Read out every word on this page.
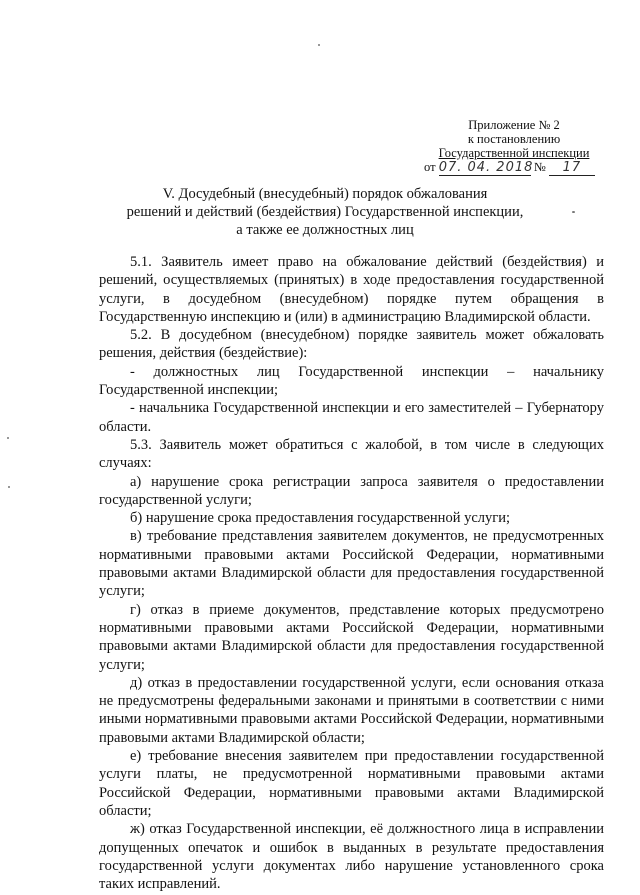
Приложение № 2
к постановлению
Государственной инспекции
от 07. 04. 2018 № 17
V. Досудебный (внесудебный) порядок обжалования
решений и действий (бездействия) Государственной инспекции,
а также ее должностных лиц

5.1. Заявитель имеет право на обжалование действий (бездействия) и решений, осуществляемых (принятых) в ходе предоставления государственной услуги, в досудебном (внесудебном) порядке путем обращения в Государственную инспекцию и (или) в администрацию Владимирской области.

5.2. В досудебном (внесудебном) порядке заявитель может обжаловать решения, действия (бездействие):

- должностных лиц Государственной инспекции – начальнику Государственной инспекции;

- начальника Государственной инспекции и его заместителей – Губернатору области.

5.3. Заявитель может обратиться с жалобой, в том числе в следующих случаях:

а) нарушение срока регистрации запроса заявителя о предоставлении государственной услуги;

б) нарушение срока предоставления государственной услуги;

в) требование представления заявителем документов, не предусмотренных нормативными правовыми актами Российской Федерации, нормативными правовыми актами Владимирской области для предоставления государственной услуги;

г) отказ в приеме документов, представление которых предусмотрено нормативными правовыми актами Российской Федерации, нормативными правовыми актами Владимирской области для предоставления государственной услуги;

д) отказ в предоставлении государственной услуги, если основания отказа не предусмотрены федеральными законами и принятыми в соответствии с ними иными нормативными правовыми актами Российской Федерации, нормативными правовыми актами Владимирской области;

е) требование внесения заявителем при предоставлении государственной услуги платы, не предусмотренной нормативными правовыми актами Российской Федерации, нормативными правовыми актами Владимирской области;

ж) отказ Государственной инспекции, её должностного лица в исправлении допущенных опечаток и ошибок в выданных в результате предоставления государственной услуги документах либо нарушение установленного срока таких исправлений.
